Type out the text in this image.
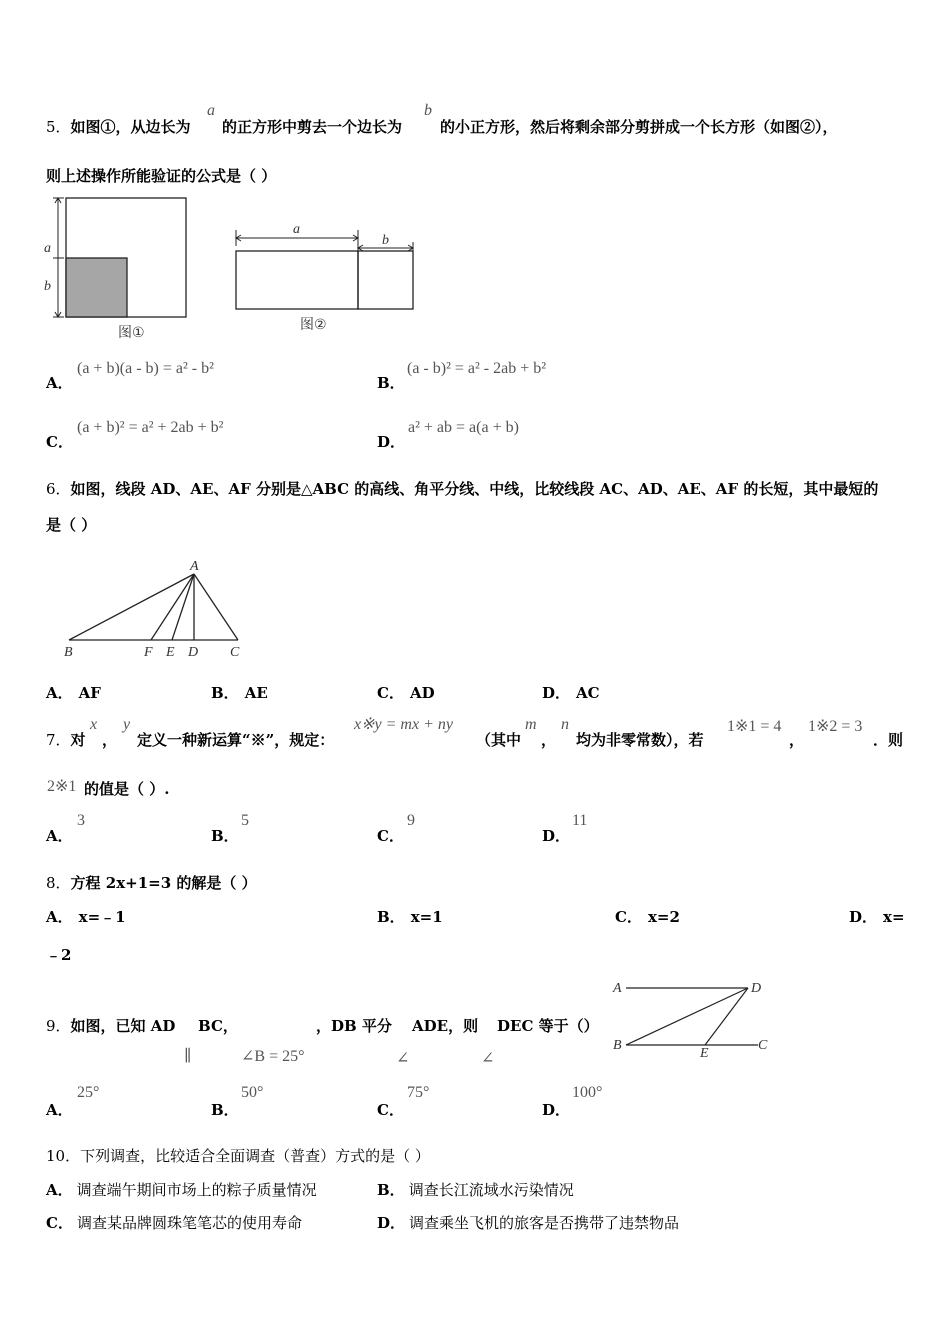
5．如图①，从边长为
a
的正方形中剪去一个边长为
b
的小正方形，然后将剩余部分剪拼成一个长方形（如图②），
则上述操作所能验证的公式是（ ）
a
b
图①
a
b
图②
A．
(a + b)(a - b) = a² - b²
B．
(a - b)² = a² - 2ab + b²
C．
(a + b)² = a² + 2ab + b²
D．
a² + ab = a(a + b)
6．如图，线段 AD、AE、AF 分别是△ABC 的高线、角平分线、中线，比较线段 AC、AD、AE、AF 的长短，其中最短的
是（ ）
A
B	F E D C
A． AF	B． AE	C． AD	D． AC
7．对
x
，
y
定义一种新运算“※”，规定：
x※y = mx + ny
（其中
m
，
n
均为非零常数），若
1※1 = 4
，
1※2 = 3
．则
2※1 的值是（ ）.
A．
3
B．
5
C．
9
D．
11
8．方程 2x+1=3 的解是（ ）
A． x=﹣1	B． x=1	C． x=2	D． x=
﹣2
9．如图，已知 AD BC，	，DB 平分 ADE，则 DEC 等于（）
∥	∠B = 25°	∠	∠
A	D
B
E
C
A．
25°
B．
50°
C．
75°
D．
100°
10．下列调查，比较适合全面调查（普查）方式的是（ ）
A． 调查端午期间市场上的粽子质量情况	B． 调查长江流域水污染情况
C． 调查某品牌圆珠笔笔芯的使用寿命	D． 调查乘坐飞机的旅客是否携带了违禁物品
